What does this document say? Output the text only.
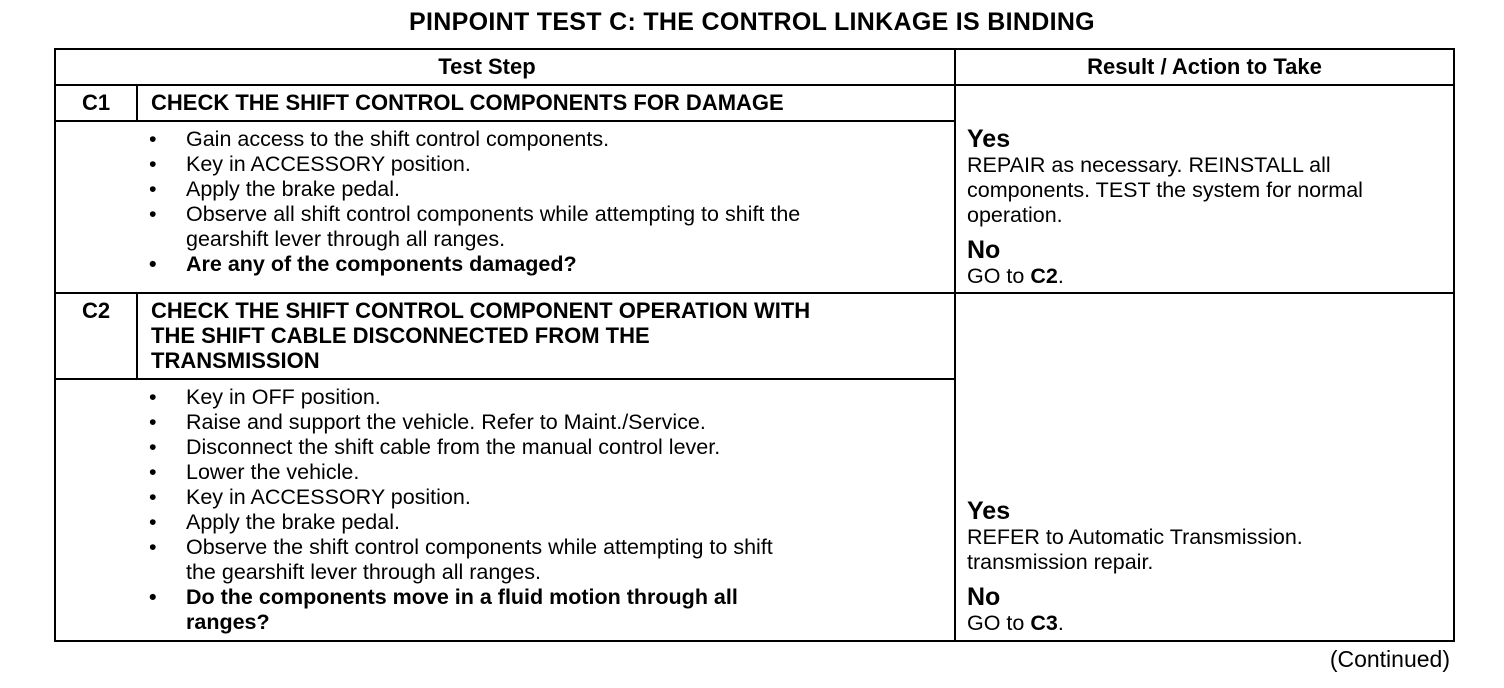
PINPOINT TEST C: THE CONTROL LINKAGE IS BINDING
Test Step	Result / Action to Take
C1	CHECK THE SHIFT CONTROL COMPONENTS FOR DAMAGE
• Gain access to the shift control components.
• Key in ACCESSORY position.
• Apply the brake pedal.
• Observe all shift control components while attempting to shift the
gearshift lever through all ranges.
• Are any of the components damaged?
Yes
REPAIR as necessary. REINSTALL all
components. TEST the system for normal
operation.
No
GO to C2.
C2	CHECK THE SHIFT CONTROL COMPONENT OPERATION WITH
THE SHIFT CABLE DISCONNECTED FROM THE
TRANSMISSION
• Key in OFF position.
• Raise and support the vehicle. Refer to Maint./Service.
• Disconnect the shift cable from the manual control lever.
• Lower the vehicle.
• Key in ACCESSORY position.
• Apply the brake pedal.
• Observe the shift control components while attempting to shift
the gearshift lever through all ranges.
• Do the components move in a fluid motion through all
ranges?
Yes
REFER to Automatic Transmission.
transmission repair.
No
GO to C3.
(Continued)
